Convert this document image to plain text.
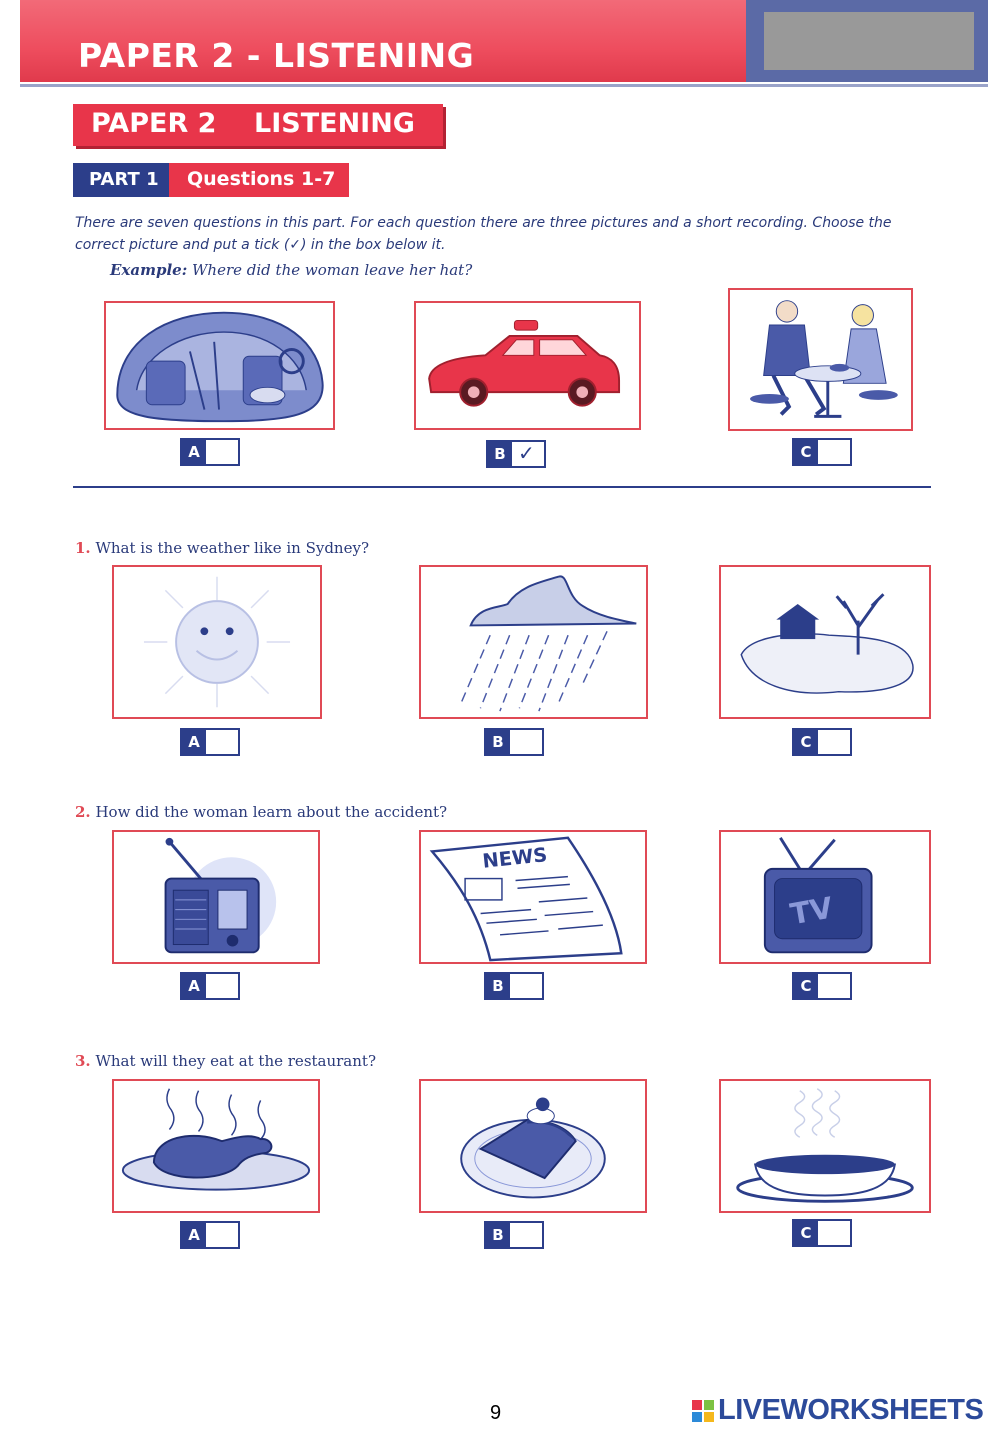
PAPER 2 - LISTENING
PAPER 2    LISTENING
PART 1	Questions 1-7
There are seven questions in this part. For each question there are three pictures and a short recording. Choose the correct picture and put a tick (✓) in the box below it.
Example: Where did the woman leave her hat?
A	B ✓	C
1. What is the weather like in Sydney?
A	B	C
2. How did the woman learn about the accident?
NEWS
TV
A	B	C
3. What will they eat at the restaurant?
A	B	C
9	LIVEWORKSHEETS
